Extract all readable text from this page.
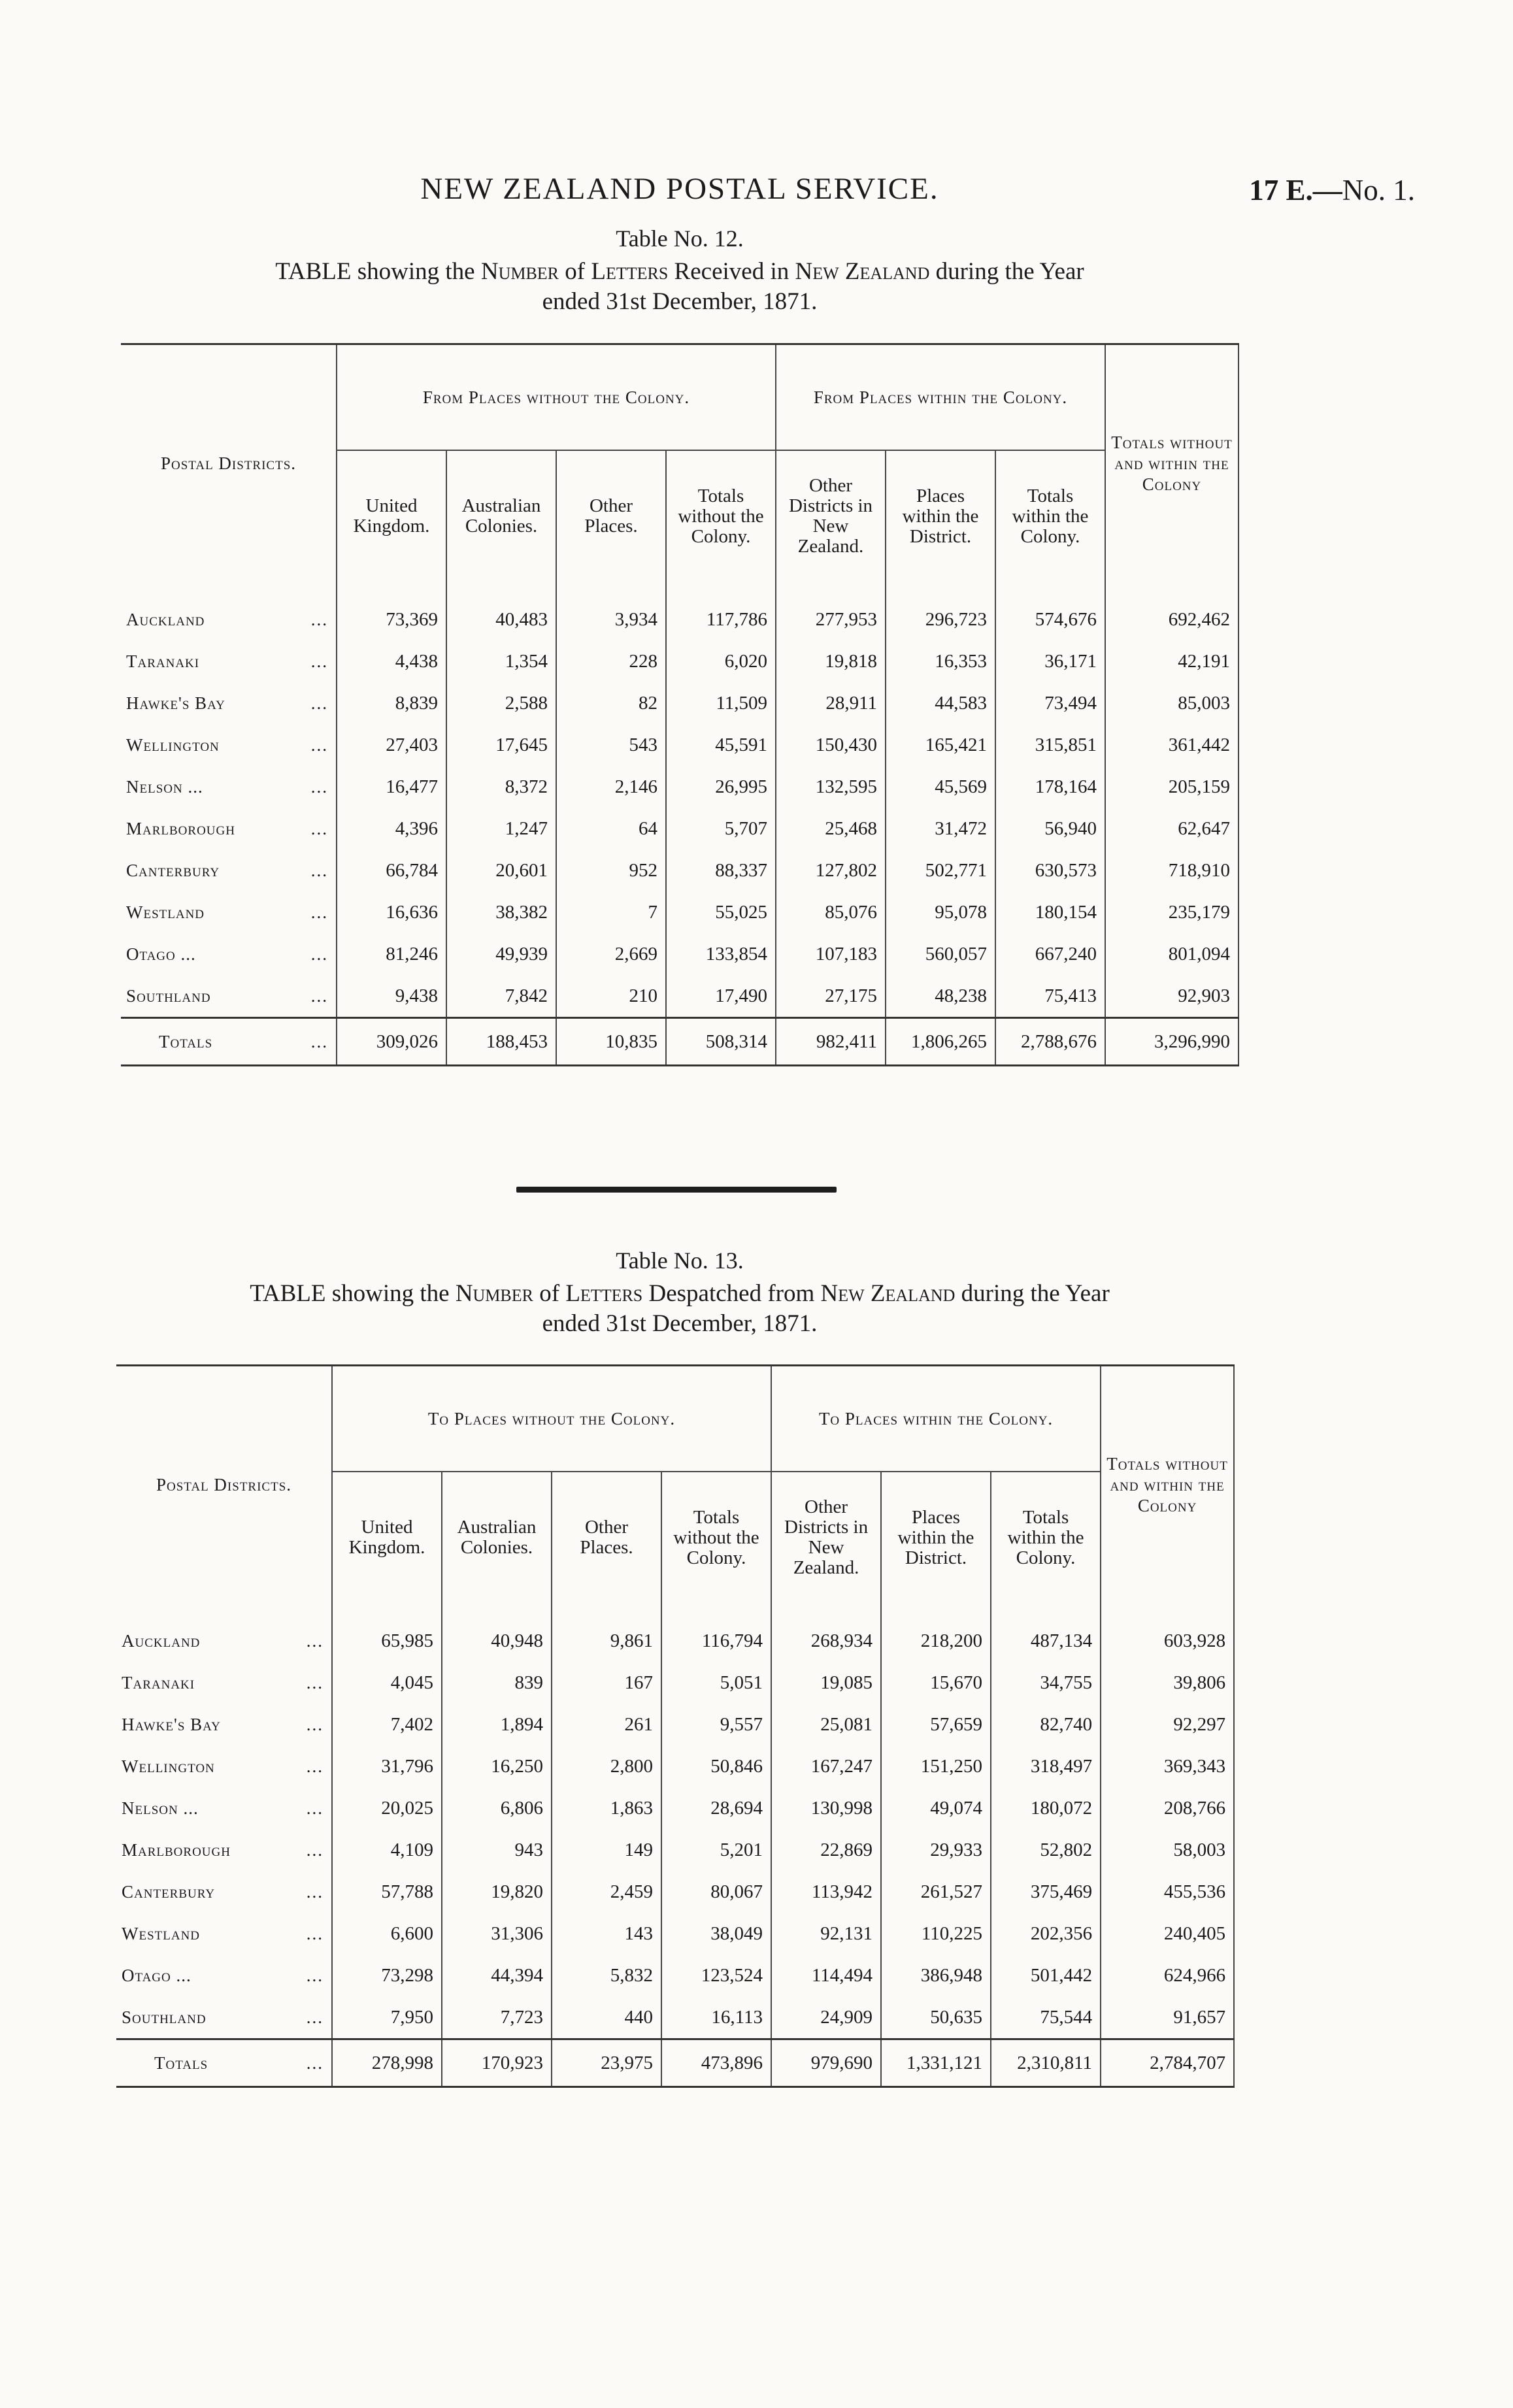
NEW ZEALAND POSTAL SERVICE.	17 E.—No. 1.
Table No. 12.
TABLE showing the Number of Letters Received in New Zealand during the Year
ended 31st December, 1871.
Postal Districts.	From Places without the Colony.				From Places within the Colony.			Totals without and within the Colony
	United Kingdom.	Australian Colonies.	Other Places.	Totals without the Colony.	Other Districts in New Zealand.	Places within the District.	Totals within the Colony.	
Auckland ...	73,369	40,483	3,934	117,786	277,953	296,723	574,676	692,462
Taranaki ...	4,438	1,354	228	6,020	19,818	16,353	36,171	42,191
Hawke's Bay ...	8,839	2,588	82	11,509	28,911	44,583	73,494	85,003
Wellington ...	27,403	17,645	543	45,591	150,430	165,421	315,851	361,442
Nelson ... ...	16,477	8,372	2,146	26,995	132,595	45,569	178,164	205,159
Marlborough ...	4,396	1,247	64	5,707	25,468	31,472	56,940	62,647
Canterbury ...	66,784	20,601	952	88,337	127,802	502,771	630,573	718,910
Westland ...	16,636	38,382	7	55,025	85,076	95,078	180,154	235,179
Otago ... ...	81,246	49,939	2,669	133,854	107,183	560,057	667,240	801,094
Southland ...	9,438	7,842	210	17,490	27,175	48,238	75,413	92,903
Totals ...	309,026	188,453	10,835	508,314	982,411	1,806,265	2,788,676	3,296,990
Table No. 13.
TABLE showing the Number of Letters Despatched from New Zealand during the Year
ended 31st December, 1871.
Postal Districts.	To Places without the Colony.				To Places within the Colony.			Totals without and within the Colony
	United Kingdom.	Australian Colonies.	Other Places.	Totals without the Colony.	Other Districts in New Zealand.	Places within the District.	Totals within the Colony.	
Auckland ...	65,985	40,948	9,861	116,794	268,934	218,200	487,134	603,928
Taranaki ...	4,045	839	167	5,051	19,085	15,670	34,755	39,806
Hawke's Bay ...	7,402	1,894	261	9,557	25,081	57,659	82,740	92,297
Wellington ...	31,796	16,250	2,800	50,846	167,247	151,250	318,497	369,343
Nelson ... ...	20,025	6,806	1,863	28,694	130,998	49,074	180,072	208,766
Marlborough ...	4,109	943	149	5,201	22,869	29,933	52,802	58,003
Canterbury ...	57,788	19,820	2,459	80,067	113,942	261,527	375,469	455,536
Westland ...	6,600	31,306	143	38,049	92,131	110,225	202,356	240,405
Otago ... ...	73,298	44,394	5,832	123,524	114,494	386,948	501,442	624,966
Southland ...	7,950	7,723	440	16,113	24,909	50,635	75,544	91,657
Totals ...	278,998	170,923	23,975	473,896	979,690	1,331,121	2,310,811	2,784,707
